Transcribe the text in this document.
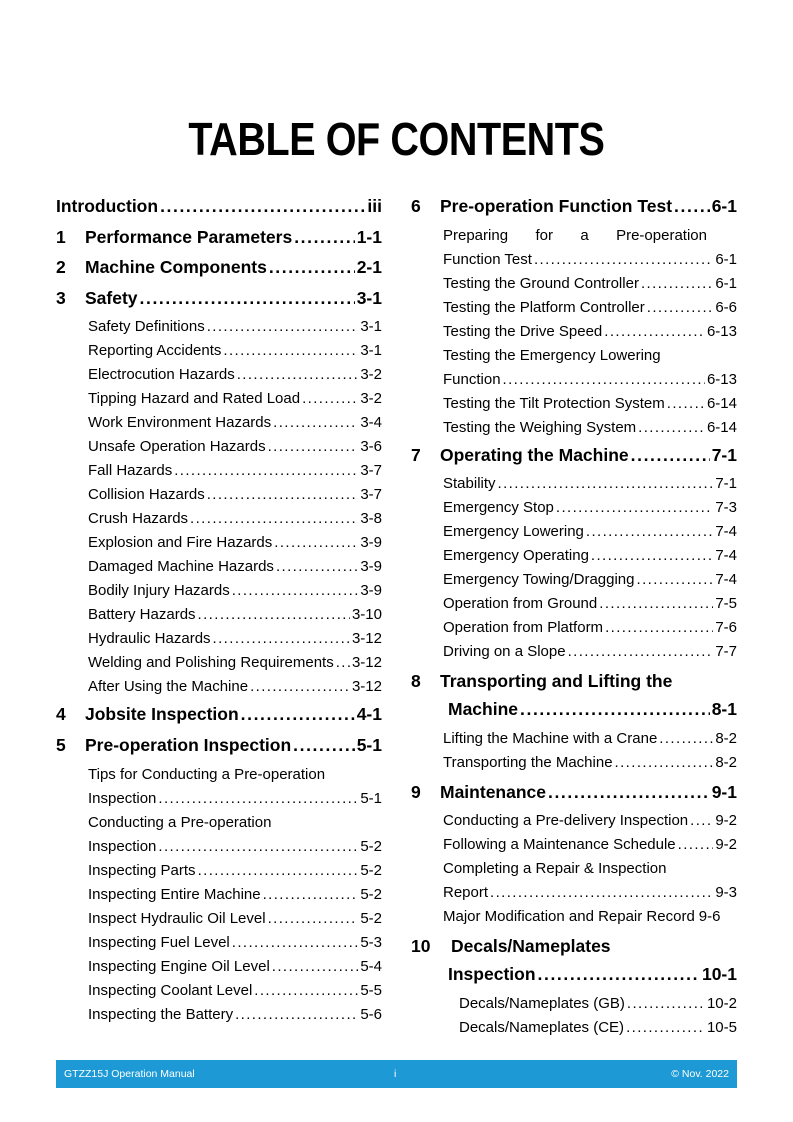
TABLE OF CONTENTS
Introduction .....	iii
1	Performance Parameters .....	1-1
2	Machine Components .....	2-1
3	Safety .....	3-1
Safety Definitions .....	3-1
Reporting Accidents .....	3-1
Electrocution Hazards .....	3-2
Tipping Hazard and Rated Load .....	3-2
Work Environment Hazards .....	3-4
Unsafe Operation Hazards .....	3-6
Fall Hazards .....	3-7
Collision Hazards .....	3-7
Crush Hazards .....	3-8
Explosion and Fire Hazards .....	3-9
Damaged Machine Hazards .....	3-9
Bodily Injury Hazards .....	3-9
Battery Hazards .....	3-10
Hydraulic Hazards .....	3-12
Welding and Polishing Requirements ..... 3-12
After Using the Machine .....	3-12
4	Jobsite Inspection .....	4-1
5	Pre-operation Inspection .....	5-1
Tips for Conducting a Pre-operation
Inspection .....	5-1
Conducting a Pre-operation
Inspection .....	5-2
Inspecting Parts .....	5-2
Inspecting Entire Machine .....	5-2
Inspect Hydraulic Oil Level .....	5-2
Inspecting Fuel Level .....	5-3
Inspecting Engine Oil Level .....	5-4
Inspecting Coolant Level .....	5-5
Inspecting the Battery .....	5-6
6	Pre-operation Function Test ..... 6-1
Preparing for a Pre-operation
Function Test .....	6-1
Testing the Ground Controller .....	6-1
Testing the Platform Controller .....	6-6
Testing the Drive Speed .....	6-13
Testing the Emergency Lowering
Function .....	6-13
Testing the Tilt Protection System .....	6-14
Testing the Weighing System .....	6-14
7	Operating the Machine .....	7-1
Stability .....	7-1
Emergency Stop .....	7-3
Emergency Lowering .....	7-4
Emergency Operating .....	7-4
Emergency Towing/Dragging .....	7-4
Operation from Ground .....	7-5
Operation from Platform .....	7-6
Driving on a Slope .....	7-7
8 Transporting and Lifting the
Machine .....	8-1
Lifting the Machine with a Crane .....	8-2
Transporting the Machine .....	8-2
9	Maintenance .....	9-1
Conducting a Pre-delivery Inspection ..... 9-2
Following a Maintenance Schedule .....	9-2
Completing a Repair & Inspection
Report .....	9-3
Major Modification and Repair Record 9-6
10 Decals/Nameplates
Inspection .....	10-1
Decals/Nameplates (GB) .....	10-2
Decals/Nameplates (CE) .....	10-5
GTZZ15J Operation Manual	i	© Nov. 2022
